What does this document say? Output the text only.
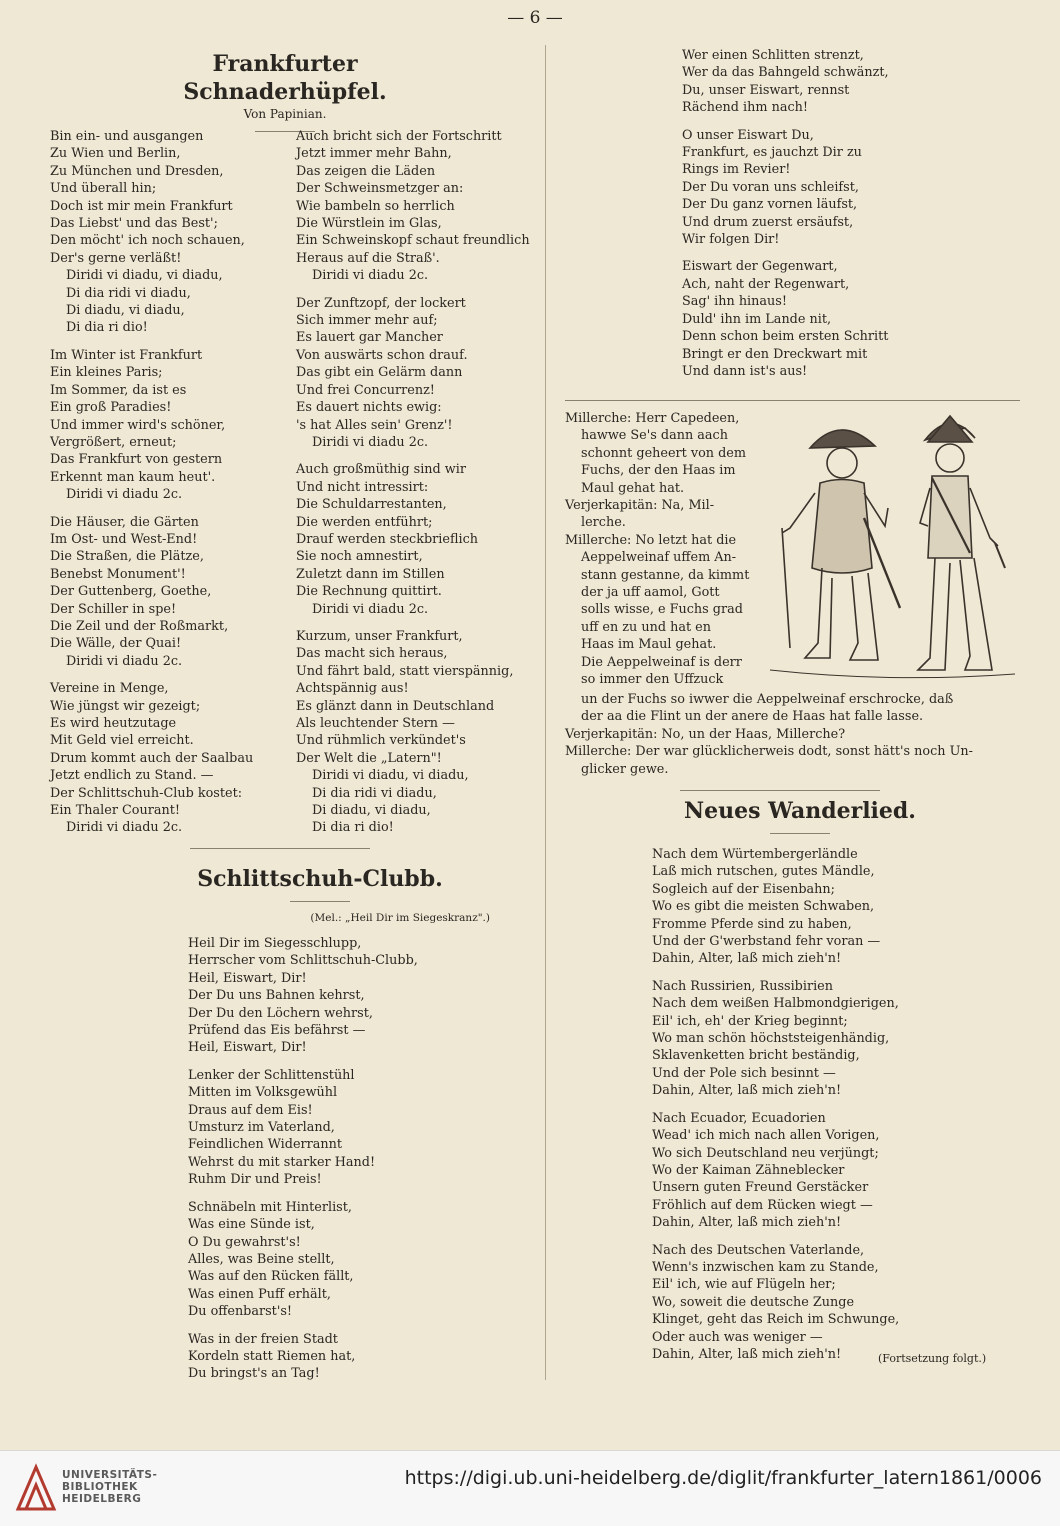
— 6 —
Frankfurter Schnaderhüpfel.
Von Papinian.

Bin ein- und ausgangen

Zu Wien und Berlin,

Zu München und Dresden,

Und überall hin;

Doch ist mir mein Frankfurt

Das Liebst' und das Best';

Den möcht' ich noch schauen,

Der's gerne verläßt!

Diridi vi diadu, vi diadu,

Di dia ridi vi diadu,

Di diadu, vi diadu,

Di dia ri dio!

Im Winter ist Frankfurt

Ein kleines Paris;

Im Sommer, da ist es

Ein groß Paradies!

Und immer wird's schöner,

Vergrößert, erneut;

Das Frankfurt von gestern

Erkennt man kaum heut'.

Diridi vi diadu 2c.

Die Häuser, die Gärten

Im Ost- und West-End!

Die Straßen, die Plätze,

Benebst Monument'!

Der Guttenberg, Goethe,

Der Schiller in spe!

Die Zeil und der Roßmarkt,

Die Wälle, der Quai!

Diridi vi diadu 2c.

Vereine in Menge,

Wie jüngst wir gezeigt;

Es wird heutzutage

Mit Geld viel erreicht.

Drum kommt auch der Saalbau

Jetzt endlich zu Stand. —

Der Schlittschuh-Club kostet:

Ein Thaler Courant!

Diridi vi diadu 2c.

Auch bricht sich der Fortschritt

Jetzt immer mehr Bahn,

Das zeigen die Läden

Der Schweinsmetzger an:

Wie bambeln so herrlich

Die Würstlein im Glas,

Ein Schweinskopf schaut freundlich

Heraus auf die Straß'.

Diridi vi diadu 2c.

Der Zunftzopf, der lockert

Sich immer mehr auf;

Es lauert gar Mancher

Von auswärts schon drauf.

Das gibt ein Gelärm dann

Und frei Concurrenz!

Es dauert nichts ewig:

's hat Alles sein' Grenz'!

Diridi vi diadu 2c.

Auch großmüthig sind wir

Und nicht intressirt:

Die Schuldarrestanten,

Die werden entführt;

Drauf werden steckbrieflich

Sie noch amnestirt,

Zuletzt dann im Stillen

Die Rechnung quittirt.

Diridi vi diadu 2c.

Kurzum, unser Frankfurt,

Das macht sich heraus,

Und fährt bald, statt vierspännig,

Achtspännig aus!

Es glänzt dann in Deutschland

Als leuchtender Stern —

Und rühmlich verkündet's

Der Welt die „Latern"!

Diridi vi diadu, vi diadu,

Di dia ridi vi diadu,

Di diadu, vi diadu,

Di dia ri dio!

Schlittschuh-Clubb.
(Mel.: „Heil Dir im Siegeskranz".)

Heil Dir im Siegesschlupp,

Herrscher vom Schlittschuh-Clubb,

Heil, Eiswart, Dir!

Der Du uns Bahnen kehrst,

Der Du den Löchern wehrst,

Prüfend das Eis befährst —

Heil, Eiswart, Dir!

Lenker der Schlittenstühl

Mitten im Volksgewühl

Draus auf dem Eis!

Umsturz im Vaterland,

Feindlichen Widerrannt

Wehrst du mit starker Hand!

Ruhm Dir und Preis!

Schnäbeln mit Hinterlist,

Was eine Sünde ist,

O Du gewahrst's!

Alles, was Beine stellt,

Was auf den Rücken fällt,

Was einen Puff erhält,

Du offenbarst's!

Was in der freien Stadt

Kordeln statt Riemen hat,

Du bringst's an Tag!

Wer einen Schlitten strenzt,

Wer da das Bahngeld schwänzt,

Du, unser Eiswart, rennst

Rächend ihm nach!

O unser Eiswart Du,

Frankfurt, es jauchzt Dir zu

Rings im Revier!

Der Du voran uns schleifst,

Der Du ganz vornen läufst,

Und drum zuerst ersäufst,

Wir folgen Dir!

Eiswart der Gegenwart,

Ach, naht der Regenwart,

Sag' ihn hinaus!

Duld' ihn im Lande nit,

Denn schon beim ersten Schritt

Bringt er den Dreckwart mit

Und dann ist's aus!

Millerche: Herr Capedeen,

hawwe Se's dann aach

schonnt geheert von dem

Fuchs, der den Haas im

Maul gehat hat.

Verjerkapitän: Na, Mil-

lerche.

Millerche: No letzt hat die

Aeppelweinaf uffem An-

stann gestanne, da kimmt

der ja uff aamol, Gott

solls wisse, e Fuchs grad

uff en zu und hat en

Haas im Maul gehat.

Die Aeppelweinaf is derr

so immer den Uffzuck

un der Fuchs so iwwer die Aeppelweinaf erschrocke, daß

der aa die Flint un der anere de Haas hat falle lasse.

Verjerkapitän: No, un der Haas, Millerche?

Millerche: Der war glücklicherweis dodt, sonst hätt's noch Un-

glicker gewe.

Neues Wanderlied.

Nach dem Würtembergerländle

Laß mich rutschen, gutes Mändle,

Sogleich auf der Eisenbahn;

Wo es gibt die meisten Schwaben,

Fromme Pferde sind zu haben,

Und der G'werbstand fehr voran —

Dahin, Alter, laß mich zieh'n!

Nach Russirien, Russibirien

Nach dem weißen Halbmondgierigen,

Eil' ich, eh' der Krieg beginnt;

Wo man schön höchststeigenhändig,

Sklavenketten bricht beständig,

Und der Pole sich besinnt —

Dahin, Alter, laß mich zieh'n!

Nach Ecuador, Ecuadorien

Wead' ich mich nach allen Vorigen,

Wo sich Deutschland neu verjüngt;

Wo der Kaiman Zähneblecker

Unsern guten Freund Gerstäcker

Fröhlich auf dem Rücken wiegt —

Dahin, Alter, laß mich zieh'n!

Nach des Deutschen Vaterlande,

Wenn's inzwischen kam zu Stande,

Eil' ich, wie auf Flügeln her;

Wo, soweit die deutsche Zunge

Klinget, geht das Reich im Schwunge,

Oder auch was weniger —

Dahin, Alter, laß mich zieh'n!	(Fortsetzung folgt.)
UNIVERSITÄTS-
BIBLIOTHEK
HEIDELBERG
https://digi.ub.uni-heidelberg.de/diglit/frankfurter_latern1861/0006
